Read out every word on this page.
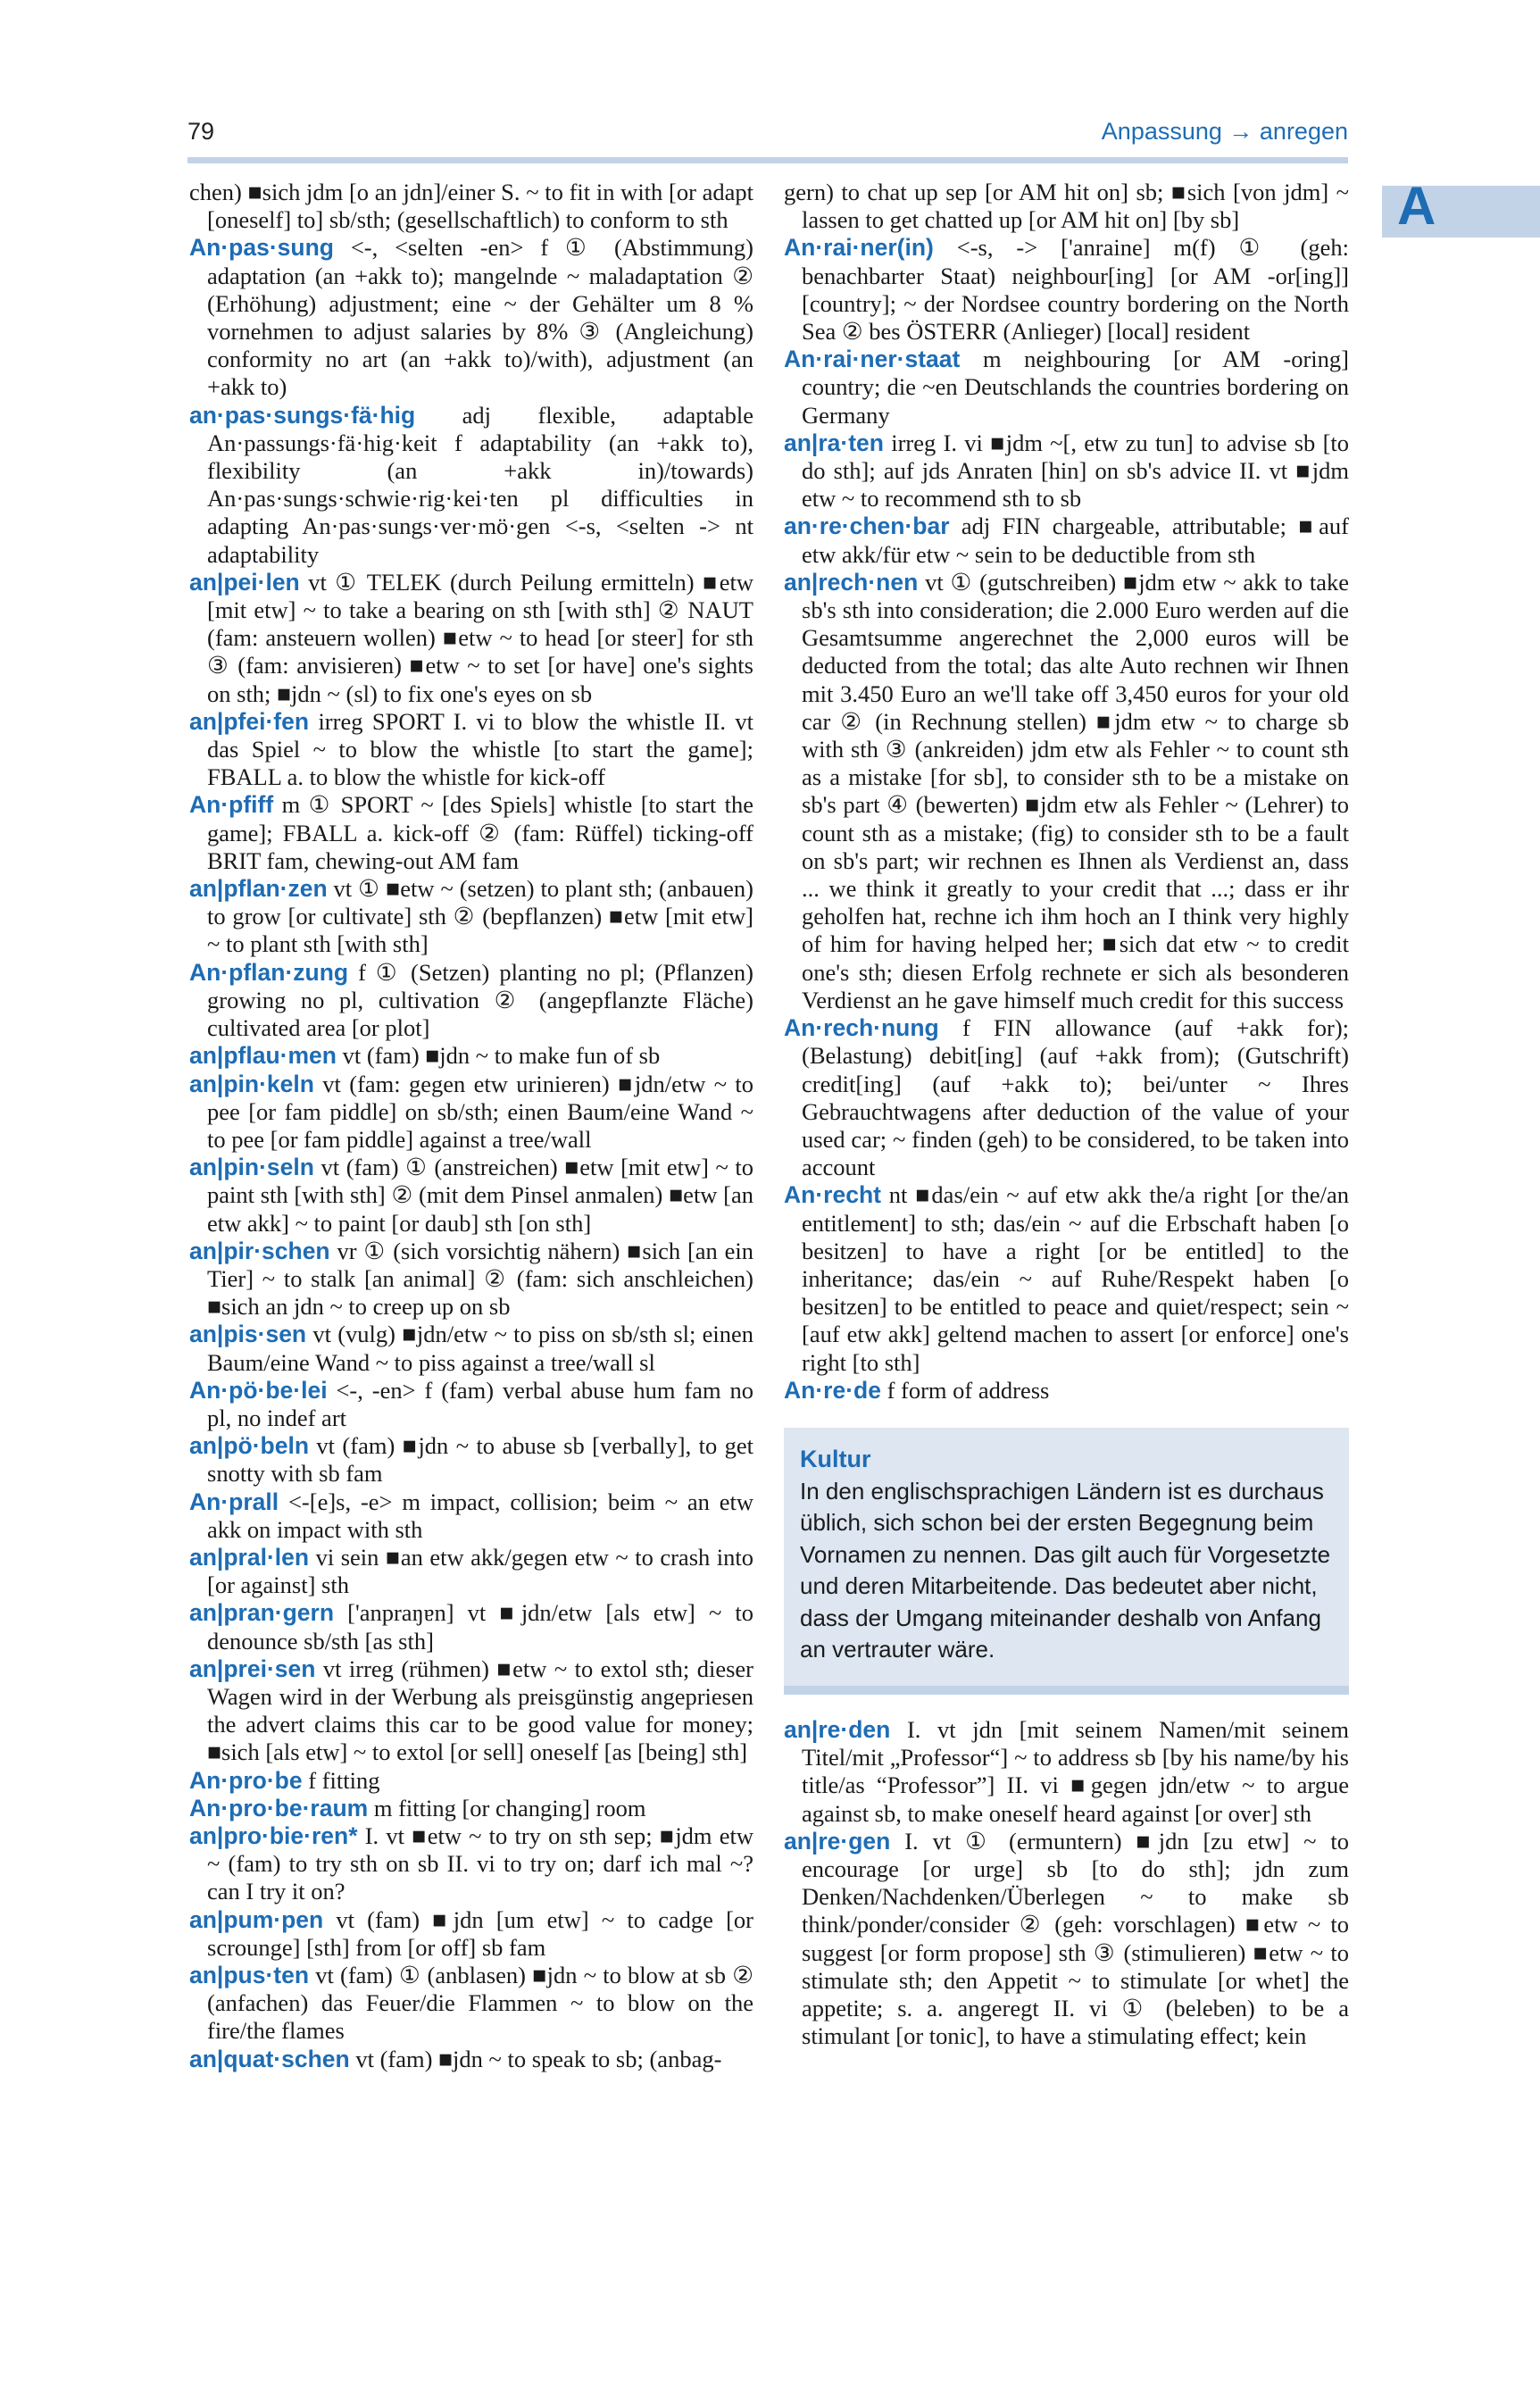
79	Anpassung → anregen
A

chen) ■sich jdm [o an jdn]/einer S. ~ to fit in with [or adapt [oneself] to] sb/sth; (gesellschaftlich) to conform to sth

An·pas·sung <-, <selten -en> f ① (Abstimmung) adaptation (an +akk to); mangelnde ~ maladaptation ② (Erhöhung) adjustment; eine ~ der Gehälter um 8 % vornehmen to adjust salaries by 8% ③ (Angleichung) conformity no art (an +akk to)/with), adjustment (an +akk to)

an·pas·sungs·fä·hig adj flexible, adaptable An·passungs·fä·hig·keit f adaptability (an +akk to), flexibility (an +akk in)/towards) An·pas·sungs·schwie·rig·kei·ten pl difficulties in adapting An·pas·sungs·ver·mö·gen <-s, <selten -> nt adaptability

an|pei·len vt ① TELEK (durch Peilung ermitteln) ■etw [mit etw] ~ to take a bearing on sth [with sth] ② NAUT (fam: ansteuern wollen) ■etw ~ to head [or steer] for sth ③ (fam: anvisieren) ■etw ~ to set [or have] one's sights on sth; ■jdn ~ (sl) to fix one's eyes on sb

an|pfei·fen irreg SPORT I. vi to blow the whistle II. vt das Spiel ~ to blow the whistle [to start the game]; FBALL a. to blow the whistle for kick-off

An·pfiff m ① SPORT ~ [des Spiels] whistle [to start the game]; FBALL a. kick-off ② (fam: Rüffel) ticking-off BRIT fam, chewing-out AM fam

an|pflan·zen vt ① ■etw ~ (setzen) to plant sth; (anbauen) to grow [or cultivate] sth ② (bepflanzen) ■etw [mit etw] ~ to plant sth [with sth]

An·pflan·zung f ① (Setzen) planting no pl; (Pflanzen) growing no pl, cultivation ② (angepflanzte Fläche) cultivated area [or plot]

an|pflau·men vt (fam) ■jdn ~ to make fun of sb

an|pin·keln vt (fam: gegen etw urinieren) ■jdn/etw ~ to pee [or fam piddle] on sb/sth; einen Baum/eine Wand ~ to pee [or fam piddle] against a tree/wall

an|pin·seln vt (fam) ① (anstreichen) ■etw [mit etw] ~ to paint sth [with sth] ② (mit dem Pinsel anmalen) ■etw [an etw akk] ~ to paint [or daub] sth [on sth]

an|pir·schen vr ① (sich vorsichtig nähern) ■sich [an ein Tier] ~ to stalk [an animal] ② (fam: sich anschleichen) ■sich an jdn ~ to creep up on sb

an|pis·sen vt (vulg) ■jdn/etw ~ to piss on sb/sth sl; einen Baum/eine Wand ~ to piss against a tree/wall sl

An·pö·be·lei <-, -en> f (fam) verbal abuse hum fam no pl, no indef art

an|pö·beln vt (fam) ■jdn ~ to abuse sb [verbally], to get snotty with sb fam

An·prall <-[e]s, -e> m impact, collision; beim ~ an etw akk on impact with sth

an|pral·len vi sein ■an etw akk/gegen etw ~ to crash into [or against] sth

an|pran·gern ['anpraŋɐn] vt ■jdn/etw [als etw] ~ to denounce sb/sth [as sth]

an|prei·sen vt irreg (rühmen) ■etw ~ to extol sth; dieser Wagen wird in der Werbung als preisgünstig angepriesen the advert claims this car to be good value for money; ■sich [als etw] ~ to extol [or sell] oneself [as [being] sth]

An·pro·be f fitting

An·pro·be·raum m fitting [or changing] room

an|pro·bie·ren* I. vt ■etw ~ to try on sth sep; ■jdm etw ~ (fam) to try sth on sb II. vi to try on; darf ich mal ~? can I try it on?

an|pum·pen vt (fam) ■jdn [um etw] ~ to cadge [or scrounge] [sth] from [or off] sb fam

an|pus·ten vt (fam) ① (anblasen) ■jdn ~ to blow at sb ② (anfachen) das Feuer/die Flammen ~ to blow on the fire/the flames

an|quat·schen vt (fam) ■jdn ~ to speak to sb; (anbag-

gern) to chat up sep [or AM hit on] sb; ■sich [von jdm] ~ lassen to get chatted up [or AM hit on] [by sb]

An·rai·ner(in) <-s, -> ['anraine] m(f) ① (geh: benachbarter Staat) neighbour[ing] [or AM -or[ing]] [country]; ~ der Nordsee country bordering on the North Sea ② bes ÖSTERR (Anlieger) [local] resident

An·rai·ner·staat m neighbouring [or AM -oring] country; die ~en Deutschlands the countries bordering on Germany

an|ra·ten irreg I. vi ■jdm ~[, etw zu tun] to advise sb [to do sth]; auf jds Anraten [hin] on sb's advice II. vt ■jdm etw ~ to recommend sth to sb

an·re·chen·bar adj FIN chargeable, attributable; ■auf etw akk/für etw ~ sein to be deductible from sth

an|rech·nen vt ① (gutschreiben) ■jdm etw ~ akk to take sb's sth into consideration; die 2.000 Euro werden auf die Gesamtsumme angerechnet the 2,000 euros will be deducted from the total; das alte Auto rechnen wir Ihnen mit 3.450 Euro an we'll take off 3,450 euros for your old car ② (in Rechnung stellen) ■jdm etw ~ to charge sb with sth ③ (ankreiden) jdm etw als Fehler ~ to count sth as a mistake [for sb], to consider sth to be a mistake on sb's part ④ (bewerten) ■jdm etw als Fehler ~ (Lehrer) to count sth as a mistake; (fig) to consider sth to be a fault on sb's part; wir rechnen es Ihnen als Verdienst an, dass ... we think it greatly to your credit that ...; dass er ihr geholfen hat, rechne ich ihm hoch an I think very highly of him for having helped her; ■sich dat etw ~ to credit one's sth; diesen Erfolg rechnete er sich als besonderen Verdienst an he gave himself much credit for this success

An·rech·nung f FIN allowance (auf +akk for); (Belastung) debit[ing] (auf +akk from); (Gutschrift) credit[ing] (auf +akk to); bei/unter ~ Ihres Gebrauchtwagens after deduction of the value of your used car; ~ finden (geh) to be considered, to be taken into account

An·recht nt ■das/ein ~ auf etw akk the/a right [or the/an entitlement] to sth; das/ein ~ auf die Erbschaft haben [o besitzen] to have a right [or be entitled] to the inheritance; das/ein ~ auf Ruhe/Respekt haben [o besitzen] to be entitled to peace and quiet/respect; sein ~ [auf etw akk] geltend machen to assert [or enforce] one's right [to sth]

An·re·de f form of address

Kultur
In den englischsprachigen Ländern ist es durchaus üblich, sich schon bei der ersten Begegnung beim Vornamen zu nennen. Das gilt auch für Vorgesetzte und deren Mitarbeitende. Das bedeutet aber nicht, dass der Umgang miteinander deshalb von Anfang an vertrauter wäre.

an|re·den I. vt jdn [mit seinem Namen/mit seinem Titel/mit „Professor“] ~ to address sb [by his name/by his title/as “Professor”] II. vi ■gegen jdn/etw ~ to argue against sb, to make oneself heard against [or over] sth

an|re·gen I. vt ① (ermuntern) ■jdn [zu etw] ~ to encourage [or urge] sb [to do sth]; jdn zum Denken/Nachdenken/Überlegen ~ to make sb think/ponder/consider ② (geh: vorschlagen) ■etw ~ to suggest [or form propose] sth ③ (stimulieren) ■etw ~ to stimulate sth; den Appetit ~ to stimulate [or whet] the appetite; s. a. angeregt II. vi ① (beleben) to be a stimulant [or tonic], to have a stimulating effect; kein
